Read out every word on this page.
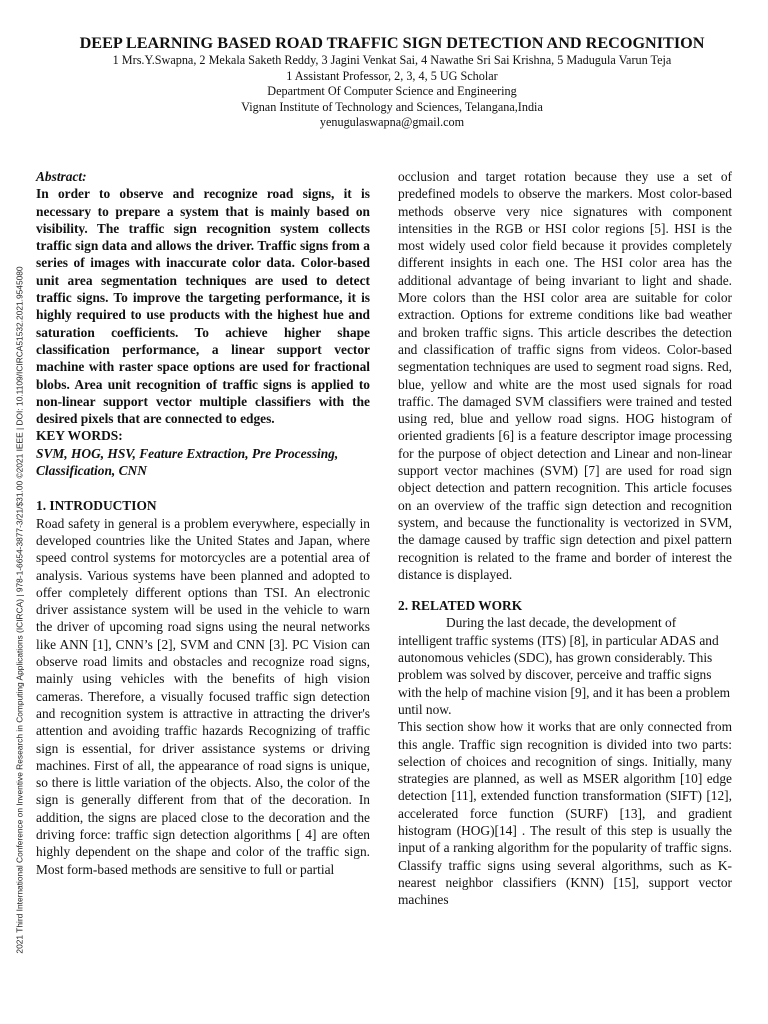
2021 Third International Conference on Inventive Research in Computing Applications (ICIRCA) | 978-1-6654-3877-3/21/$31.00 ©2021 IEEE | DOI: 10.1109/ICIRCA51532.2021.9545080
DEEP LEARNING BASED ROAD TRAFFIC SIGN DETECTION AND RECOGNITION
1 Mrs.Y.Swapna, 2 Mekala Saketh Reddy, 3 Jagini Venkat Sai, 4 Nawathe Sri Sai Krishna, 5 Madugula Varun Teja
1 Assistant Professor, 2, 3, 4, 5 UG Scholar
Department Of Computer Science and Engineering
Vignan Institute of Technology and Sciences, Telangana,India
yenugulaswapna@gmail.com

Abstract:

In order to observe and recognize road signs, it is necessary to prepare a system that is mainly based on visibility. The traffic sign recognition system collects traffic sign data and allows the driver. Traffic signs from a series of images with inaccurate color data. Color-based unit area segmentation techniques are used to detect traffic signs. To improve the targeting performance, it is highly required to use products with the highest hue and saturation coefficients. To achieve higher shape classification performance, a linear support vector machine with raster space options are used for fractional blobs. Area unit recognition of traffic signs is applied to non-linear support vector multiple classifiers with the desired pixels that are connected to edges.

KEY WORDS:

SVM, HOG, HSV, Feature Extraction, Pre Processing, Classification, CNN

1. INTRODUCTION

Road safety in general is a problem everywhere, especially in developed countries like the United States and Japan, where speed control systems for motorcycles are a potential area of analysis. Various systems have been planned and adopted to offer completely different options than TSI. An electronic driver assistance system will be used in the vehicle to warn the driver of upcoming road signs using the neural networks like ANN [1], CNN’s [2], SVM and CNN [3]. PC Vision can observe road limits and obstacles and recognize road signs, mainly using vehicles with the benefits of high vision cameras. Therefore, a visually focused traffic sign detection and recognition system is attractive in attracting the driver's attention and avoiding traffic hazards Recognizing of traffic sign is essential, for driver assistance systems or driving machines. First of all, the appearance of road signs is unique, so there is little variation of the objects. Also, the color of the sign is generally different from that of the decoration. In addition, the signs are placed close to the decoration and the driving force: traffic sign detection algorithms [ 4] are often highly dependent on the shape and color of the traffic sign. Most form-based methods are sensitive to full or partial

occlusion and target rotation because they use a set of predefined models to observe the markers. Most color-based methods observe very nice signatures with component intensities in the RGB or HSI color regions [5]. HSI is the most widely used color field because it provides completely different insights in each one. The HSI color area has the additional advantage of being invariant to light and shade. More colors than the HSI color area are suitable for color extraction. Options for extreme conditions like bad weather and broken traffic signs. This article describes the detection and classification of traffic signs from videos. Color-based segmentation techniques are used to segment road signs. Red, blue, yellow and white are the most used signals for road traffic. The damaged SVM classifiers were trained and tested using red, blue and yellow road signs. HOG histogram of oriented gradients [6] is a feature descriptor image processing for the purpose of object detection and Linear and non-linear support vector machines (SVM) [7] are used for road sign object detection and pattern recognition. This article focuses on an overview of the traffic sign detection and recognition system, and because the functionality is vectorized in SVM, the damage caused by traffic sign detection and pixel pattern recognition is related to the frame and border of interest the distance is displayed.

2. RELATED WORK

During the last decade, the development of intelligent traffic systems (ITS) [8], in particular ADAS and autonomous vehicles (SDC), has grown considerably. This problem was solved by discover, perceive and traffic signs with the help of machine vision [9], and it has been a problem until now.

This section show how it works that are only connected from this angle. Traffic sign recognition is divided into two parts: selection of choices and recognition of sings. Initially, many strategies are planned, as well as MSER algorithm [10] edge detection [11], extended function transformation (SIFT) [12], accelerated force function (SURF) [13], and gradient histogram (HOG)[14] . The result of this step is usually the input of a ranking algorithm for the popularity of traffic signs. Classify traffic signs using several algorithms, such as K-nearest neighbor classifiers (KNN) [15], support vector machines
